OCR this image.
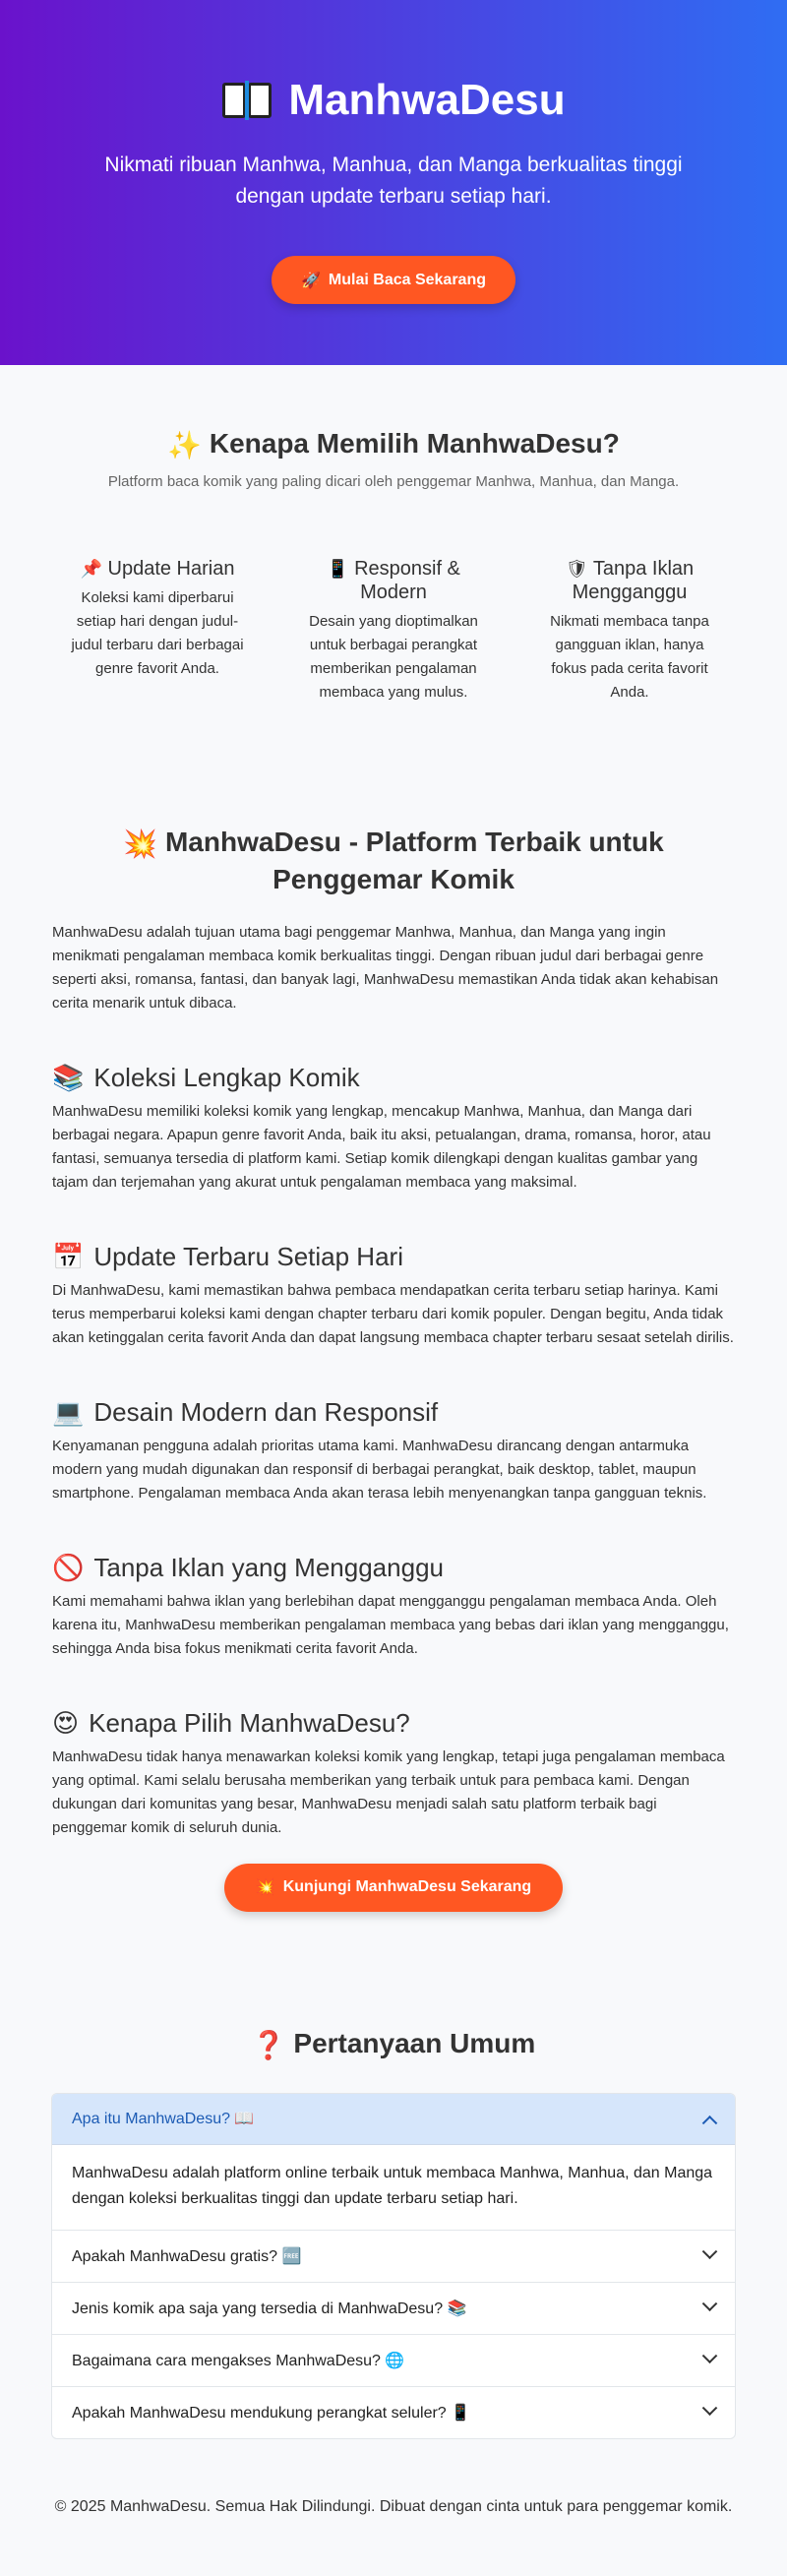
ManhwaDesu

Nikmati ribuan Manhwa, Manhua, dan Manga berkualitas tinggi dengan update terbaru setiap hari.

🚀 Mulai Baca Sekarang
✨ Kenapa Memilih ManhwaDesu?

Platform baca komik yang paling dicari oleh penggemar Manhwa, Manhua, dan Manga.

📌 Update Harian

Koleksi kami diperbarui setiap hari dengan judul-judul terbaru dari berbagai genre favorit Anda.

📱 Responsif & Modern

Desain yang dioptimalkan untuk berbagai perangkat memberikan pengalaman membaca yang mulus.

🛡 Tanpa Iklan Mengganggu

Nikmati membaca tanpa gangguan iklan, hanya fokus pada cerita favorit Anda.

💥 ManhwaDesu - Platform Terbaik untuk Penggemar Komik

ManhwaDesu adalah tujuan utama bagi penggemar Manhwa, Manhua, dan Manga yang ingin menikmati pengalaman membaca komik berkualitas tinggi. Dengan ribuan judul dari berbagai genre seperti aksi, romansa, fantasi, dan banyak lagi, ManhwaDesu memastikan Anda tidak akan kehabisan cerita menarik untuk dibaca.

📚 Koleksi Lengkap Komik

ManhwaDesu memiliki koleksi komik yang lengkap, mencakup Manhwa, Manhua, dan Manga dari berbagai negara. Apapun genre favorit Anda, baik itu aksi, petualangan, drama, romansa, horor, atau fantasi, semuanya tersedia di platform kami. Setiap komik dilengkapi dengan kualitas gambar yang tajam dan terjemahan yang akurat untuk pengalaman membaca yang maksimal.

📅 Update Terbaru Setiap Hari

Di ManhwaDesu, kami memastikan bahwa pembaca mendapatkan cerita terbaru setiap harinya. Kami terus memperbarui koleksi kami dengan chapter terbaru dari komik populer. Dengan begitu, Anda tidak akan ketinggalan cerita favorit Anda dan dapat langsung membaca chapter terbaru sesaat setelah dirilis.

💻 Desain Modern dan Responsif

Kenyamanan pengguna adalah prioritas utama kami. ManhwaDesu dirancang dengan antarmuka modern yang mudah digunakan dan responsif di berbagai perangkat, baik desktop, tablet, maupun smartphone. Pengalaman membaca Anda akan terasa lebih menyenangkan tanpa gangguan teknis.

🚫 Tanpa Iklan yang Mengganggu

Kami memahami bahwa iklan yang berlebihan dapat mengganggu pengalaman membaca Anda. Oleh karena itu, ManhwaDesu memberikan pengalaman membaca yang bebas dari iklan yang mengganggu, sehingga Anda bisa fokus menikmati cerita favorit Anda.

😍 Kenapa Pilih ManhwaDesu?

ManhwaDesu tidak hanya menawarkan koleksi komik yang lengkap, tetapi juga pengalaman membaca yang optimal. Kami selalu berusaha memberikan yang terbaik untuk para pembaca kami. Dengan dukungan dari komunitas yang besar, ManhwaDesu menjadi salah satu platform terbaik bagi penggemar komik di seluruh dunia.

💥 Kunjungi ManhwaDesu Sekarang
❓ Pertanyaan Umum
Apa itu ManhwaDesu? 📖
ManhwaDesu adalah platform online terbaik untuk membaca Manhwa, Manhua, dan Manga dengan koleksi berkualitas tinggi dan update terbaru setiap hari.
Apakah ManhwaDesu gratis? 🆓
Jenis komik apa saja yang tersedia di ManhwaDesu? 📚
Bagaimana cara mengakses ManhwaDesu? 🌐
Apakah ManhwaDesu mendukung perangkat seluler? 📱

© 2025 ManhwaDesu. Semua Hak Dilindungi. Dibuat dengan cinta untuk para penggemar komik.
